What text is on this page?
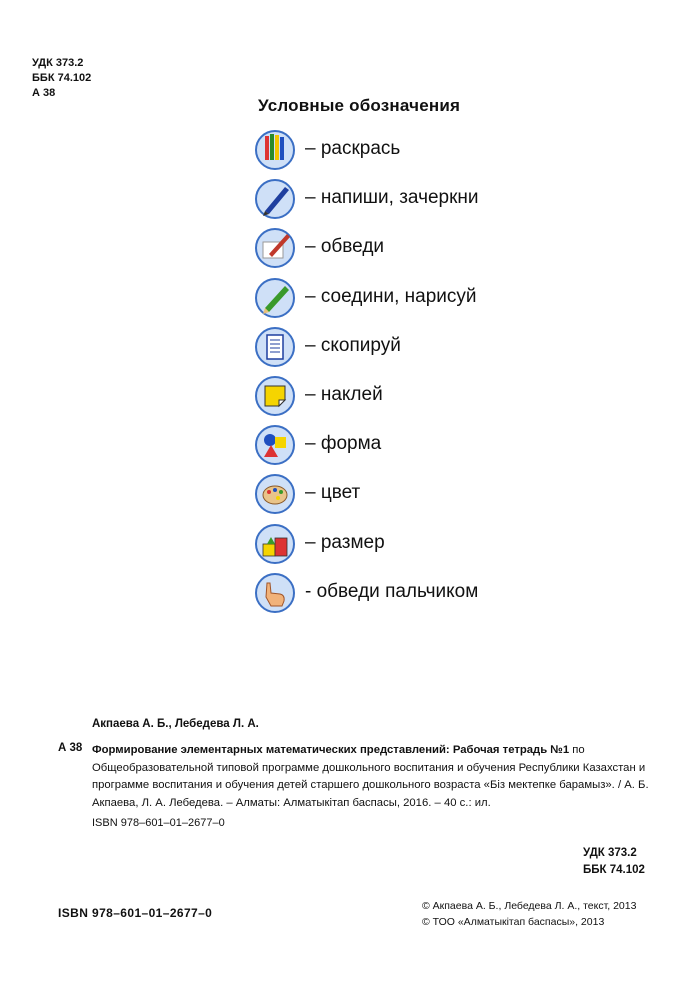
УДК 373.2
ББК 74.102
А 38
Условные обозначения
– раскрась
– напиши, зачеркни
– обведи
– соедини, нарисуй
– скопируй
– наклей
– форма
– цвет
– размер
- обведи пальчиком
Акпаева А. Б., Лебедева Л. А.
А 38 Формирование элементарных математических представлений: Рабочая тетрадь №1 по Общеобразовательной типовой программе дошкольного воспитания и обучения Республики Казахстан и программе воспитания и обучения детей старшего дошкольного возраста «Біз мектепке барамыз». / А. Б. Акпаева, Л. А. Лебедева. – Алматы: Алматыкітап баспасы, 2016. – 40 с.: ил.
ISBN 978–601–01–2677–0
УДК 373.2
ББК 74.102
ISBN 978–601–01–2677–0	© Акпаева А. Б., Лебедева Л. А., текст, 2013
© ТОО «Алматыкітап баспасы», 2013
